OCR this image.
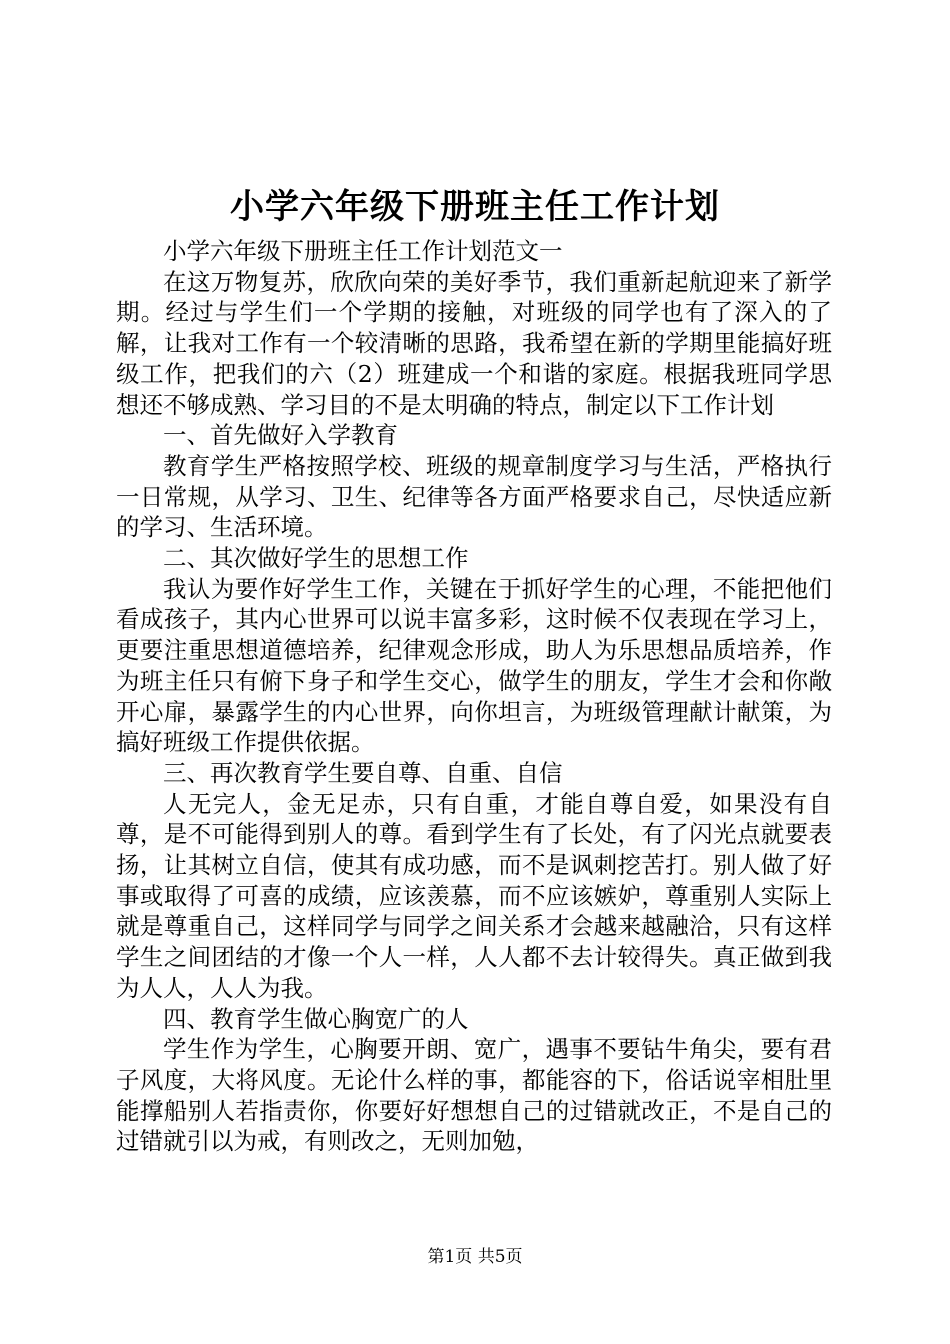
小学六年级下册班主任工作计划

小学六年级下册班主任工作计划范文一

在这万物复苏，欣欣向荣的美好季节，我们重新起航迎来了新学期。经过与学生们一个学期的接触，对班级的同学也有了深入的了解，让我对工作有一个较清晰的思路，我希望在新的学期里能搞好班级工作，把我们的六（2）班建成一个和谐的家庭。根据我班同学思想还不够成熟、学习目的不是太明确的特点，制定以下工作计划

一、首先做好入学教育

教育学生严格按照学校、班级的规章制度学习与生活，严格执行一日常规，从学习、卫生、纪律等各方面严格要求自己，尽快适应新的学习、生活环境。

二、其次做好学生的思想工作

我认为要作好学生工作，关键在于抓好学生的心理，不能把他们看成孩子，其内心世界可以说丰富多彩，这时候不仅表现在学习上，更要注重思想道德培养，纪律观念形成，助人为乐思想品质培养，作为班主任只有俯下身子和学生交心，做学生的朋友，学生才会和你敞开心扉，暴露学生的内心世界，向你坦言，为班级管理献计献策，为搞好班级工作提供依据。

三、再次教育学生要自尊、自重、自信

人无完人，金无足赤，只有自重，才能自尊自爱，如果没有自尊，是不可能得到别人的尊。看到学生有了长处，有了闪光点就要表扬，让其树立自信，使其有成功感，而不是讽刺挖苦打。别人做了好事或取得了可喜的成绩，应该羡慕，而不应该嫉妒，尊重别人实际上就是尊重自己，这样同学与同学之间关系才会越来越融洽，只有这样学生之间团结的才像一个人一样，人人都不去计较得失。真正做到我为人人，人人为我。

四、教育学生做心胸宽广的人

学生作为学生，心胸要开朗、宽广，遇事不要钻牛角尖，要有君子风度，大将风度。无论什么样的事，都能容的下，俗话说宰相肚里能撑船别人若指责你，你要好好想想自己的过错就改正，不是自己的过错就引以为戒，有则改之，无则加勉，

第1页 共5页
